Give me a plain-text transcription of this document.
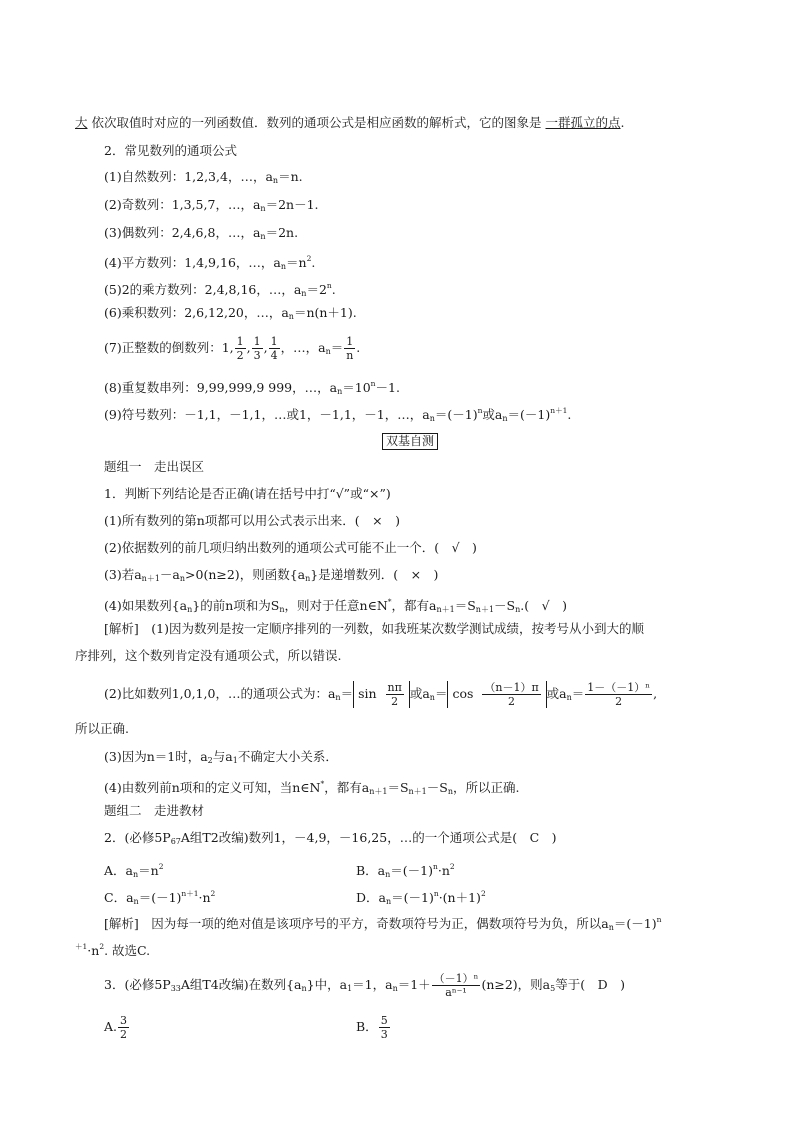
大 依次取值时对应的一列函数值．数列的通项公式是相应函数的解析式，它的图象是 一群孤立的点.
2．常见数列的通项公式
(1)自然数列：1,2,3,4，…，$a_n=n$.
(2)奇数列：1,3,5,7，…，$a_n=2n-1$.
(3)偶数列：2,4,6,8，…，$a_n=2n$.
(4)平方数列：1,4,9,16，…，$a_n=n^2$.
(5)2的乘方数列：2,4,8,16，…，$a_n=2^n$.
(6)乘积数列：2,6,12,20，…，$a_n=n(n+1)$.
(7)正整数的倒数列：1, $\frac{1}{2}$ , $\frac{1}{3}$ , $\frac{1}{4}$ ，…，$a_n= \frac{1}{n}$ .
(8)重复数串列：9,99,999,9 999，…，$a_n=10^n-1$.
(9)符号数列：－1,1，－1,1，…或1，－1,1，－1，…，$a_n=(-1)^n$或$a_n=(-1)^{n+1}$.
双基自测
题组一　走出误区
1．判断下列结论是否正确(请在括号中打“√”或“×”)
(1)所有数列的第n项都可以用公式表示出来．(　×　)
(2)依据数列的前几项归纳出数列的通项公式可能不止一个．(　√　)
(3)若$a_{n+1}-a_n>0(n\ge 2)$，则函数$\{a_n\}$是递增数列．(　×　)
(4)如果数列$\{a_n\}$的前n项和为$S_n$，则对于任意n∈N*，都有$a_{n+1}=S_{n+1}-S_n$.(　√　)
[解析]　(1)因为数列是按一定顺序排列的一列数，如我班某次数学测试成绩，按考号从小到大的顺
序排列，这个数列肯定没有通项公式，所以错误.
(2)比如数列1,0,1,0，…的通项公式为：$a_n= \sin \frac{n\pi}{2}$ 或$a_n= \cos \frac{(n-1)\pi}{2}$ 或$a_n= \frac{\text{1－（－1）ⁿ}}{2}$ ,
所以正确.
(3)因为n＝1时，$a_2$与$a_1$不确定大小关系．
(4)由数列前n项和的定义可知，当n∈N*，都有$a_{n+1}=S_{n+1}-S_n$，所以正确.
题组二　走进教材
2．(必修$5P_{67}A$组T2改编)数列1，－4,9，－16,25，…的一个通项公式是(　C　)
A．$a_n=n^2$	B．$a_n=(-1)^n\cdot n^2$
C．$a_n=(-1)^{n+1}\cdot n^2$	D．$a_n=(-1)^n\cdot(n+1)^2$
[解析]　因为每一项的绝对值是该项序号的平方，奇数项符号为正，偶数项符号为负，所以$a_n=(-1)^n$
$^{+1}\cdot n^2$. 故选C.
3．(必修$5P_{33}A$组T4改编)在数列$\{a_n\}$中，$a_1=1$，$a_n=1+ \frac{\text{（－1）ⁿ}}{\text{aⁿ⁻¹}} (n\ge 2)$，则$a_5$等于(　D　)
A. $\frac{3}{2}$	B． $\frac{5}{3}$
